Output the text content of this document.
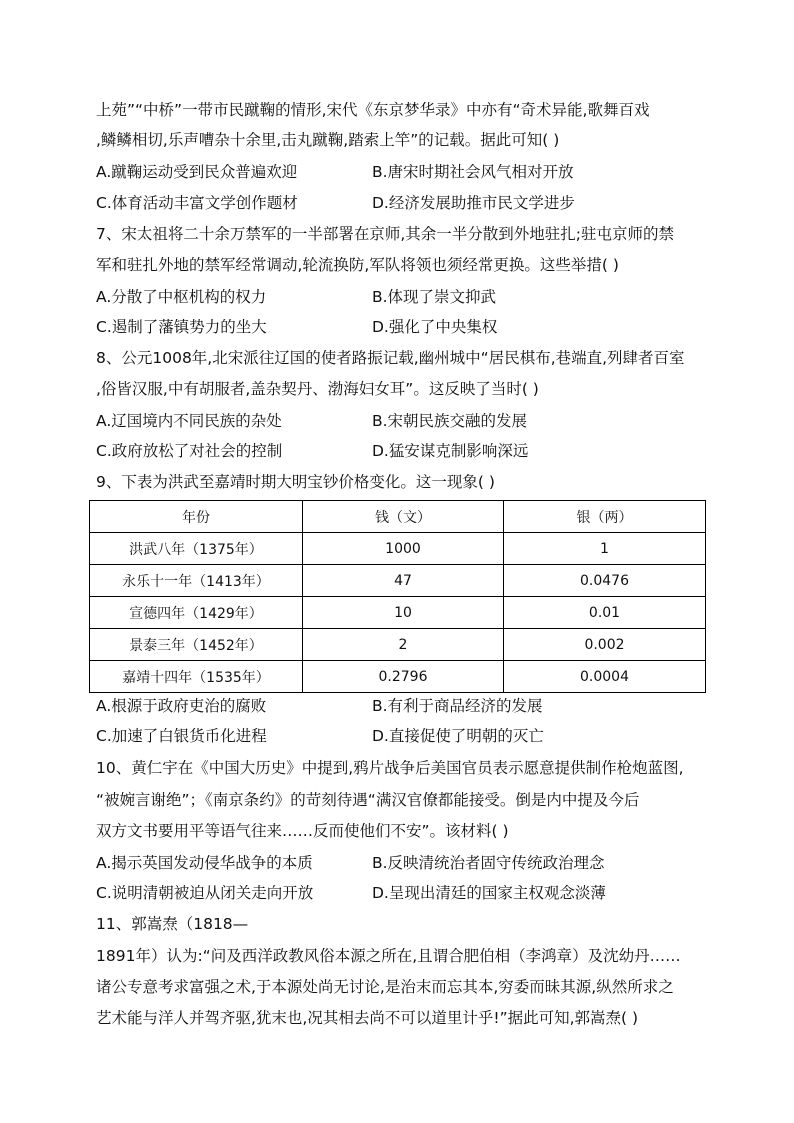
上苑”“中桥”一带市民蹴鞠的情形,宋代《东京梦华录》中亦有“奇术异能,歌舞百戏
,鳞鳞相切,乐声嘈杂十余里,击丸蹴鞠,踏索上竿”的记载。据此可知( )
A.蹴鞠运动受到民众普遍欢迎	B.唐宋时期社会风气相对开放
C.体育活动丰富文学创作题材	D.经济发展助推市民文学进步
7、宋太祖将二十余万禁军的一半部署在京师,其余一半分散到外地驻扎;驻屯京师的禁
军和驻扎外地的禁军经常调动,轮流换防,军队将领也须经常更换。这些举措( )
A.分散了中枢机构的权力	B.体现了崇文抑武
C.遏制了藩镇势力的坐大	D.强化了中央集权
8、公元1008年,北宋派往辽国的使者路振记载,幽州城中“居民棋布,巷端直,列肆者百室
,俗皆汉服,中有胡服者,盖杂契丹、渤海妇女耳”。这反映了当时( )
A.辽国境内不同民族的杂处	B.宋朝民族交融的发展
C.政府放松了对社会的控制	D.猛安谋克制影响深远
9、下表为洪武至嘉靖时期大明宝钞价格变化。这一现象( )
年份	钱（文）	银（两）
洪武八年（1375年）	1000	1
永乐十一年（1413年）	47	0.0476
宣德四年（1429年）	10	0.01
景泰三年（1452年）	2	0.002
嘉靖十四年（1535年）	0.2796	0.0004
A.根源于政府吏治的腐败	B.有利于商品经济的发展
C.加速了白银货币化进程	D.直接促使了明朝的灭亡
10、黄仁宇在《中国大历史》中提到,鸦片战争后美国官员表示愿意提供制作枪炮蓝图,
“被婉言谢绝”；《南京条约》的苛刻待遇“满汉官僚都能接受。倒是内中提及今后
双方文书要用平等语气往来……反而使他们不安”。该材料( )
A.揭示英国发动侵华战争的本质	B.反映清统治者固守传统政治理念
C.说明清朝被迫从闭关走向开放	D.呈现出清廷的国家主权观念淡薄
11、郭嵩焘（1818—
1891年）认为:“问及西洋政教风俗本源之所在,且谓合肥伯相（李鸿章）及沈幼丹……
诸公专意考求富强之术,于本源处尚无讨论,是治末而忘其本,穷委而昧其源,纵然所求之
艺术能与洋人并驾齐驱,犹末也,况其相去尚不可以道里计乎!”据此可知,郭嵩焘( )
